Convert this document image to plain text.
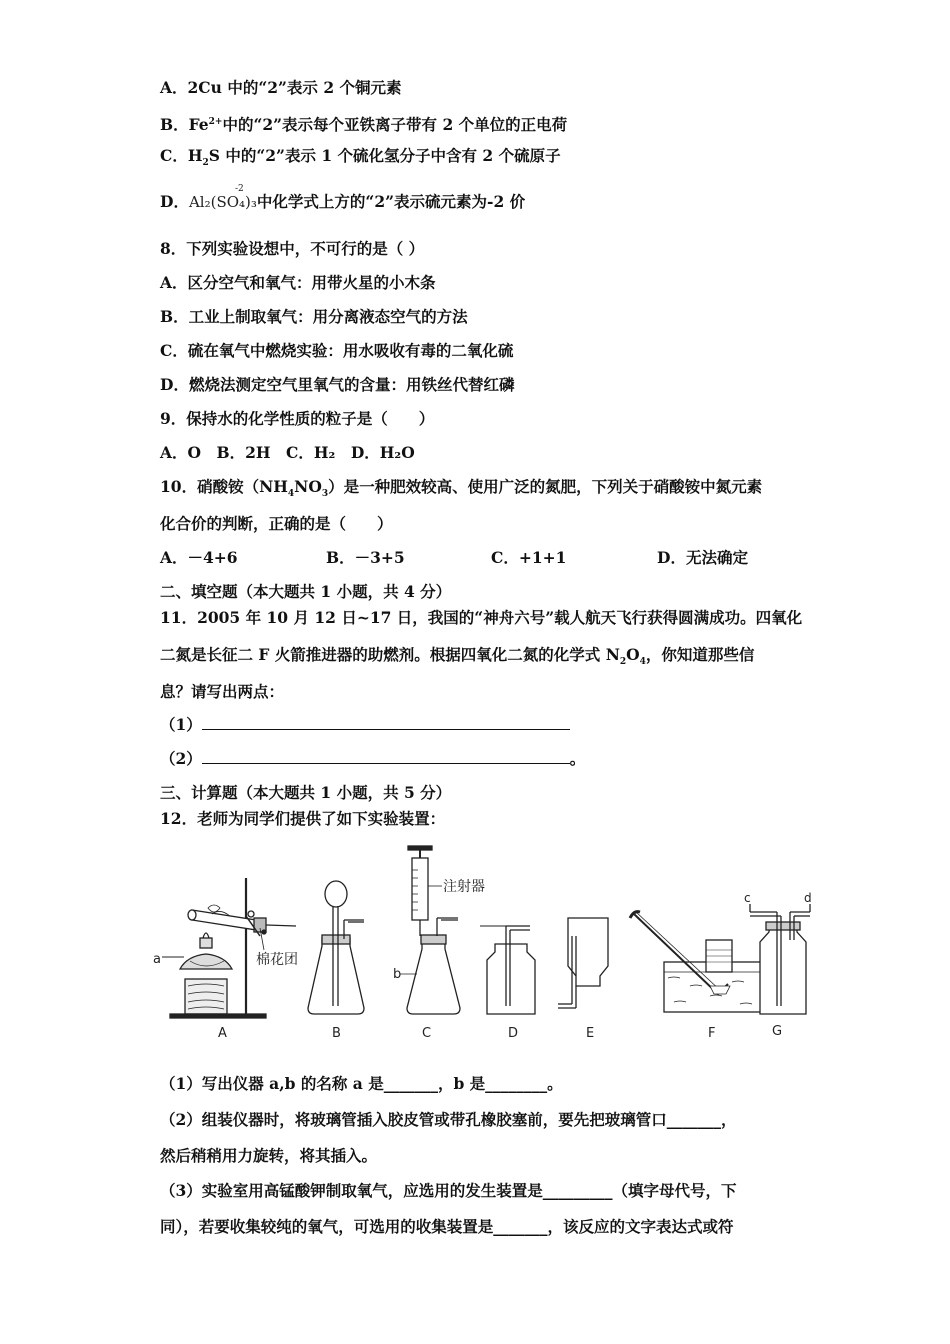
A．2Cu 中的“2”表示 2 个铜元素
B．$Fe^{2+}$中的“2”表示每个亚铁离子带有 2 个单位的正电荷
C．$H_2S$ 中的“2”表示 1 个硫化氢分子中含有 2 个硫原子
D．
-2
Al₂(SO₄)₃中化学式上方的“2”表示硫元素为-2 价
8．下列实验设想中，不可行的是（ ）
A．区分空气和氧气：用带火星的小木条
B．工业上制取氧气：用分离液态空气的方法
C．硫在氧气中燃烧实验：用水吸收有毒的二氧化硫
D．燃烧法测定空气里氧气的含量：用铁丝代替红磷
9．保持水的化学性质的粒子是（　　）
A．O　B．2H　C．H₂　D．H₂O
10．硝酸铵$(NH_4NO_3)$是一种肥效较高、使用广泛的氮肥，下列关于硝酸铵中氮元素
化合价的判断，正确的是（　　）
A．－4+6	B．－3+5	C．+1+1	D．无法确定
二、填空题（本大题共 1 小题，共 4 分）
11．2005 年 10 月 12 日~17 日，我国的“神舟六号”载人航天飞行获得圆满成功。四氧化
二氮是长征二 F 火箭推进器的助燃剂。根据四氧化二氮的化学式 $N_2O_4$，你知道那些信
息？请写出两点：
（1）
（2）	。
三、计算题（本大题共 1 小题，共 5 分）
12．老师为同学们提供了如下实验装置：
a	棉花团
A	B
注射器
b
C	D	E	F
c	d
G
（1）写出仪器 a,b 的名称 a 是_______，b 是________。
（2）组装仪器时，将玻璃管插入胶皮管或带孔橡胶塞前，要先把玻璃管口_______，
然后稍稍用力旋转，将其插入。
（3）实验室用高锰酸钾制取氧气，应选用的发生装置是_________（填字母代号，下
同），若要收集较纯的氧气，可选用的收集装置是_______，该反应的文字表达式或符
